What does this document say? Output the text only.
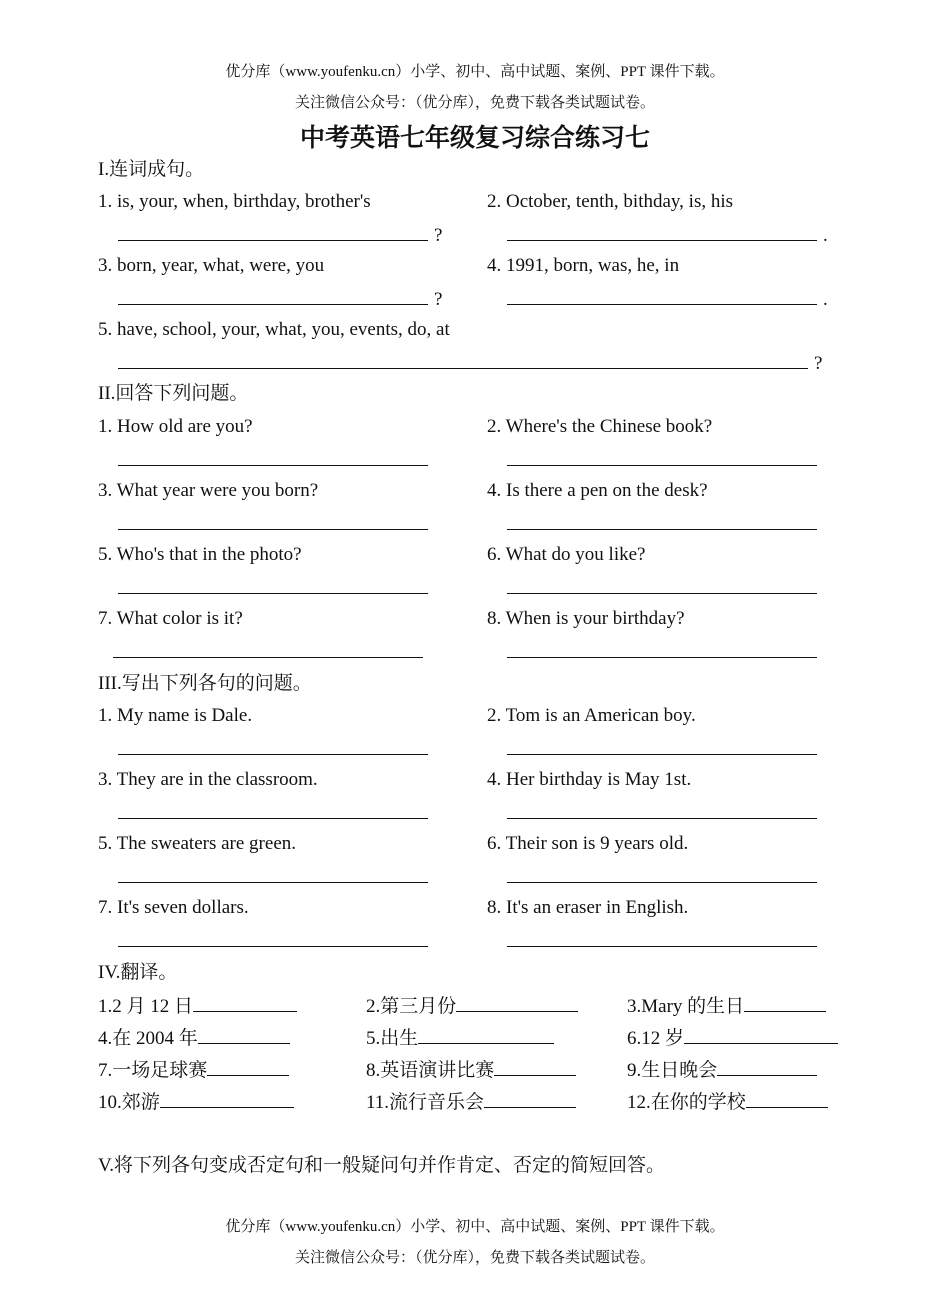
优分库（www.youfenku.cn）小学、初中、高中试题、案例、PPT 课件下载。
关注微信公众号：（优分库），免费下载各类试题试卷。
中考英语七年级复习综合练习七
I.连词成句。
1. is, your, when, birthday, brother's	2. October, tenth, bithday, is, his
?	.
3. born, year, what, were, you	4. 1991, born, was, he, in
?	.
5. have, school, your, what, you, events, do, at
?
II.回答下列问题。
1. How old are you?	2. Where's the Chinese book?
3. What year were you born?	4. Is there a pen on the desk?
5. Who's that in the photo?	6. What do you like?
7. What color is it?	8. When is your birthday?
III.写出下列各句的问题。
1. My name is Dale.	2. Tom is an American boy.
3. They are in the classroom.	4. Her birthday is May 1st.
5. The sweaters are green.	6. Their son is 9 years old.
7. It's seven dollars.	8. It's an eraser in English.
IV.翻译。
1.2 月 12 日	2.第三月份	3.Mary 的生日
4.在 2004 年	5.出生	6.12 岁
7.一场足球赛	8.英语演讲比赛	9.生日晚会
10.郊游	11.流行音乐会	12.在你的学校
V.将下列各句变成否定句和一般疑问句并作肯定、否定的简短回答。
优分库（www.youfenku.cn）小学、初中、高中试题、案例、PPT 课件下载。
关注微信公众号：（优分库），免费下载各类试题试卷。
